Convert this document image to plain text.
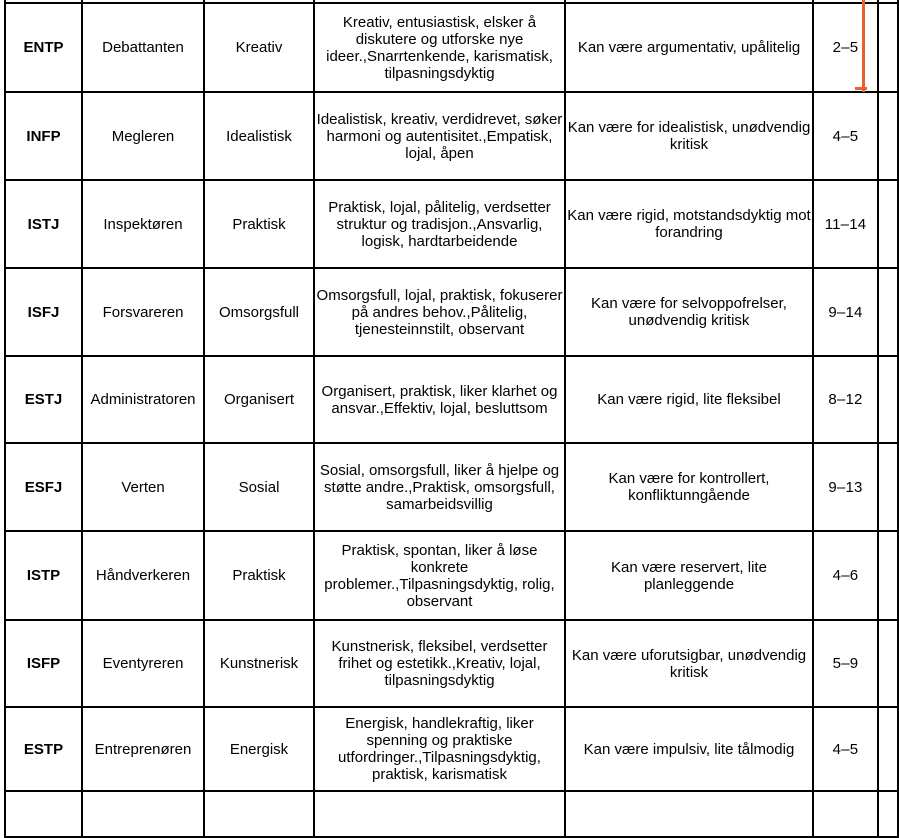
ENTP	Debattanten	Kreativ	Kreativ, entusiastisk, elsker å diskutere og utforske nye ideer.,Snarrtenkende, karismatisk, tilpasningsdyktig	Kan være argumentativ, upålitelig	2–5	
INFP	Megleren	Idealistisk	Idealistisk, kreativ, verdidrevet, søker harmoni og autentisitet.,Empatisk, lojal, åpen	Kan være for idealistisk, unødvendig kritisk	4–5	
ISTJ	Inspektøren	Praktisk	Praktisk, lojal, pålitelig, verdsetter struktur og tradisjon.,Ansvarlig, logisk, hardtarbeidende	Kan være rigid, motstandsdyktig mot forandring	11–14	
ISFJ	Forsvareren	Omsorgsfull	Omsorgsfull, lojal, praktisk, fokuserer på andres behov.,Pålitelig, tjenesteinnstilt, observant	Kan være for selvoppofrelser, unødvendig kritisk	9–14	
ESTJ	Administratoren	Organisert	Organisert, praktisk, liker klarhet og ansvar.,Effektiv, lojal, besluttsom	Kan være rigid, lite fleksibel	8–12	
ESFJ	Verten	Sosial	Sosial, omsorgsfull, liker å hjelpe og støtte andre.,Praktisk, omsorgsfull, samarbeidsvillig	Kan være for kontrollert, konfliktunngående	9–13	
ISTP	Håndverkeren	Praktisk	Praktisk, spontan, liker å løse konkrete problemer.,Tilpasningsdyktig, rolig, observant	Kan være reservert, lite planleggende	4–6	
ISFP	Eventyreren	Kunstnerisk	Kunstnerisk, fleksibel, verdsetter frihet og estetikk.,Kreativ, lojal, tilpasningsdyktig	Kan være uforutsigbar, unødvendig kritisk	5–9	
ESTP	Entreprenøren	Energisk	Energisk, handlekraftig, liker spenning og praktiske utfordringer.,Tilpasningsdyktig, praktisk, karismatisk	Kan være impulsiv, lite tålmodig	4–5	
